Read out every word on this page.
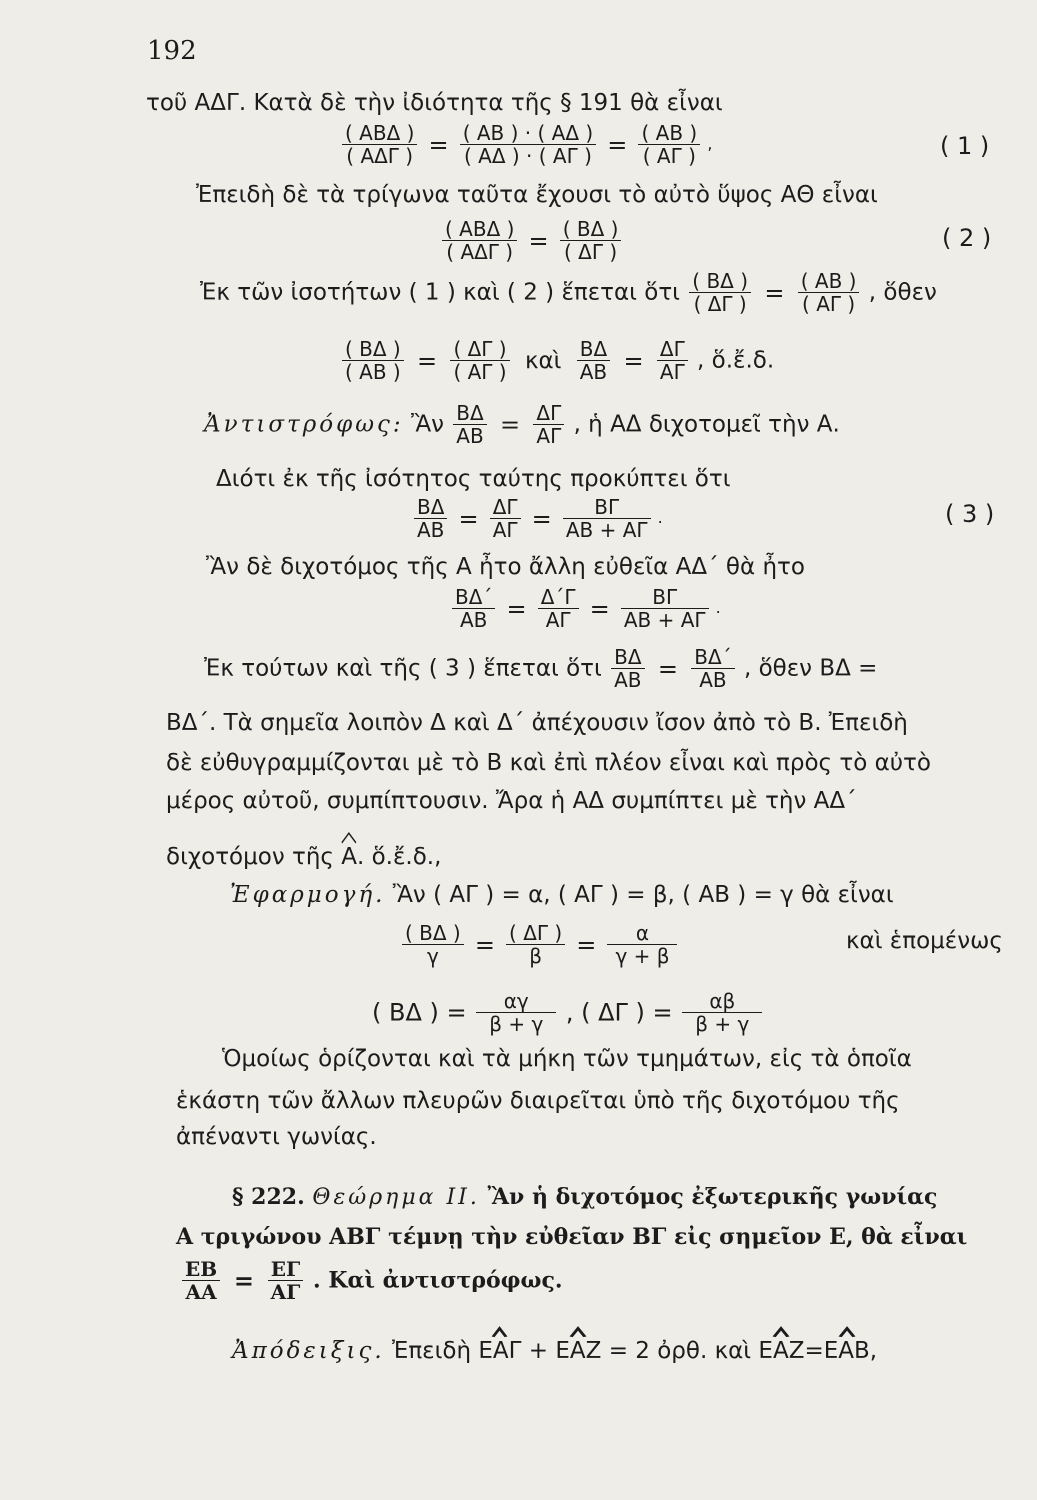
192
τοῦ ΑΔΓ. Κατὰ δὲ τὴν ἰδιότητα τῆς § 191 θὰ εἶναι
$\frac{\text{( ΑΒΔ )}}{\text{( ΑΔΓ )}} = \frac{( AB ) \cdot ( A\Delta )}{( A\Delta ) \cdot ( A\Gamma )} = \frac{( AB )}{( A\Gamma )}$ ,	( 1 )
Ἐπειδὴ δὲ τὰ τρίγωνα ταῦτα ἔχουσι τὸ αὐτὸ ὕψος ΑΘ εἶναι
$\frac{\text{( ΑΒΔ )}}{\text{( ΑΔΓ )}} = \frac{( B\Delta )}{( \Delta\Gamma )}$	( 2 )
Ἐκ τῶν ἰσοτήτων ( 1 ) καὶ ( 2 ) ἕπεται ὅτι $\frac{( B\Delta )}{( \Delta\Gamma )} = \frac{( AB )}{( A\Gamma )}$ , ὅθεν
$\frac{( B\Delta )}{( AB )} = \frac{( \Delta\Gamma )}{( A\Gamma )}$ καὶ $\frac{B\Delta}{AB} = \frac{\Delta\Gamma}{A\Gamma}$ , ὅ.ἔ.δ.
Ἀντιστρόφως: Ἂν $\frac{B\Delta}{AB} = \frac{\Delta\Gamma}{A\Gamma}$ , ἡ ΑΔ διχοτομεῖ τὴν Α.
Διότι ἐκ τῆς ἰσότητος ταύτης προκύπτει ὅτι
$\frac{B\Delta}{AB} = \frac{\Delta\Gamma}{A\Gamma} = \frac{B\Gamma}{AB + A\Gamma}$ .	( 3 )
Ἂν δὲ διχοτόμος τῆς Α ἦτο ἄλλη εὐθεῖα ΑΔ΄ θὰ ἦτο
$\frac{B\Delta΄}{AB} = \frac{\Delta΄\Gamma}{A\Gamma} = \frac{B\Gamma}{AB + A\Gamma}$ .
Ἐκ τούτων καὶ τῆς ( 3 ) ἕπεται ὅτι $\frac{B\Delta}{AB} = \frac{B\Delta΄}{AB}$ , ὅθεν ΒΔ =
ΒΔ΄. Τὰ σημεῖα λοιπὸν Δ καὶ Δ΄ ἀπέχουσιν ἴσον ἀπὸ τὸ Β. Ἐπειδὴ
δὲ εὐθυγραμμίζονται μὲ τὸ Β καὶ ἐπὶ πλέον εἶναι καὶ πρὸς τὸ αὐτὸ
μέρος αὐτοῦ, συμπίπτουσιν. Ἄρα ἡ ΑΔ συμπίπτει μὲ τὴν ΑΔ΄
διχοτόμον τῆς Α. ὅ.ἔ.δ.,
Ἐφαρμογή. Ἂν ( ΑΓ ) = α, ( ΑΓ ) = β, ( ΑΒ ) = γ θὰ εἶναι
$\frac{( B\Delta )}{\gamma} = \frac{( \Delta\Gamma )}{\beta} = \frac{\alpha}{\gamma + \beta}$	καὶ ἑπομένως
( ΒΔ ) = $\frac{\alpha\gamma}{\beta + \gamma}$ , ( ΔΓ ) = $\frac{\alpha\beta}{\beta + \gamma}$
Ὁμοίως ὁρίζονται καὶ τὰ μήκη τῶν τμημάτων, εἰς τὰ ὁποῖα
ἑκάστη τῶν ἄλλων πλευρῶν διαιρεῖται ὑπὸ τῆς διχοτόμου τῆς
ἀπέναντι γωνίας.
§ 222. Θεώρημα ΙΙ. Ἂν ἡ διχοτόμος ἐξωτερικῆς γωνίας
Α τριγώνου ΑΒΓ τέμνῃ τὴν εὐθεῖαν ΒΓ εἰς σημεῖον Ε, θὰ εἶναι
$\frac{EB}{AA} = \frac{E\Gamma}{A\Gamma}$ . Καὶ ἀντιστρόφως.
Ἀπόδειξις. Ἐπειδὴ ΕΑΓ + ΕΑΖ = 2 ὀρθ. καὶ ΕΑΖ=
ΕΑΒ,
